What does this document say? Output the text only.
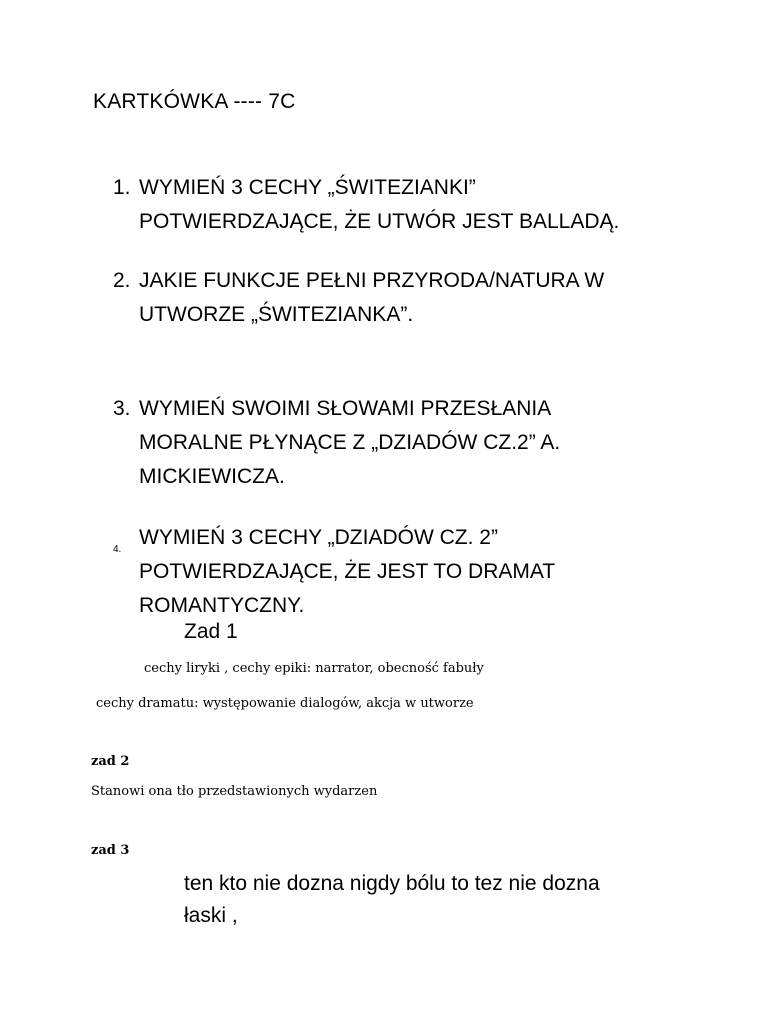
KARTKÓWKA ---- 7C
1. WYMIEŃ 3 CECHY „ŚWITEZIANKI”
POTWIERDZAJĄCE, ŻE UTWÓR JEST BALLADĄ.
2. JAKIE FUNKCJE PEŁNI PRZYRODA/NATURA W
UTWORZE „ŚWITEZIANKA”.
3. WYMIEŃ SWOIMI SŁOWAMI PRZESŁANIA
MORALNE PŁYNĄCE Z „DZIADÓW CZ.2” A.
MICKIEWICZA.
4.
WYMIEŃ 3 CECHY „DZIADÓW CZ. 2”
POTWIERDZAJĄCE, ŻE JEST TO DRAMAT
ROMANTYCZNY.
Zad 1
cechy liryki , cechy epiki: narrator, obecność fabuły
cechy dramatu: występowanie dialogów, akcja w utworze
zad 2
Stanowi ona tło przedstawionych wydarzen
zad 3
ten kto nie dozna nigdy bólu to tez nie dozna
łaski ,
